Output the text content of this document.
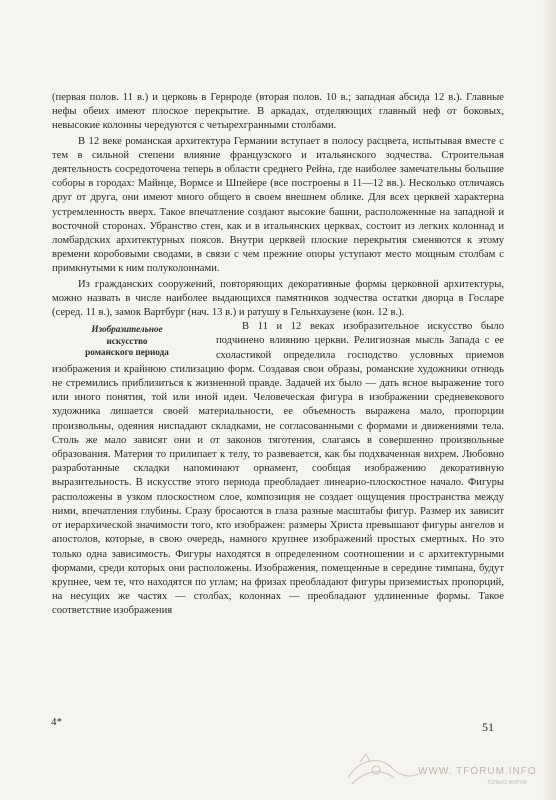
(первая полов. 11 в.) и церковь в Гернроде (вторая полов. 10 в.; западная абсида 12 в.). Главные нефы обеих имеют плоское перекрытие. В аркадах, отделяющих главный неф от боковых, невысокие колонны чередуются с четырехгранными столбами.

В 12 веке романская архитектура Германии вступает в полосу расцвета, испытывая вместе с тем в сильной степени влияние французского и итальянского зодчества. Строительная деятельность сосредоточена теперь в области среднего Рейна, где наиболее замечательны большие соборы в городах: Майнце, Вормсе и Шпейере (все построены в 11—12 вв.). Несколько отличаясь друг от друга, они имеют много общего в своем внешнем облике. Для всех церквей характерна устремленность вверх. Такое впечатление создают высокие башни, расположенные на западной и восточной сторонах. Убранство стен, как и в итальянских церквах, состоит из легких колоннад и ломбардских архитектурных поясов. Внутри церквей плоские перекрытия сменяются к этому времени коробовыми сводами, в связи с чем прежние опоры уступают место мощным столбам с примкнутыми к ним полуколоннами.

Из гражданских сооружений, повторяющих декоративные формы церковной архитектуры, можно назвать в числе наиболее выдающихся памятников зодчества остатки дворца в Госларе (серед. 11 в.), замок Вартбург (нач. 13 в.) и ратушу в Гельнхаузене (кон. 12 в.).

Изобразительное
искусство
романского периода

В 11 и 12 веках изобразительное искусство было подчинено влиянию церкви. Религиозная мысль Запада с ее схоластикой определила господство условных приемов изображения и крайнюю стилизацию форм. Создавая свои образы, романские художники отнюдь не стремились приблизиться к жизненной правде. Задачей их было — дать ясное выражение того или иного понятия, той или иной идеи. Человеческая фигура в изображении средневекового художника лишается своей материальности, ее объемность выражена мало, пропорции произвольны, одеяния ниспадают складками, не согласованными с формами и движениями тела. Столь же мало зависят они и от законов тяготения, слагаясь в совершенно произвольные образования. Материя то прилипает к телу, то развевается, как бы подхваченная вихрем. Любовно разработанные складки напоминают орнамент, сообщая изображению декоративную выразительность. В искусстве этого периода преобладает линеарно-плоскостное начало. Фигуры расположены в узком плоскостном слое, композиция не создает ощущения пространства между ними, впечатления глубины. Сразу бросаются в глаза разные масштабы фигур. Размер их зависит от иерархической значимости того, кто изображен: размеры Христа превышают фигуры ангелов и апостолов, которые, в свою очередь, намного крупнее изображений простых смертных. Но это только одна зависимость. Фигуры находятся в определенном соотношении и с архитектурными формами, среди которых они расположены. Изображения, помещенные в середине тимпана, будут крупнее, чем те, что находятся по углам; на фризах преобладают фигуры приземистых пропорций, на несущих же частях — столбах, колоннах — преобладают удлиненные формы. Такое соответствие изображения

4*	51
WWW. TFORUM.INFO
ТОЛЬКО ФОРУМ
